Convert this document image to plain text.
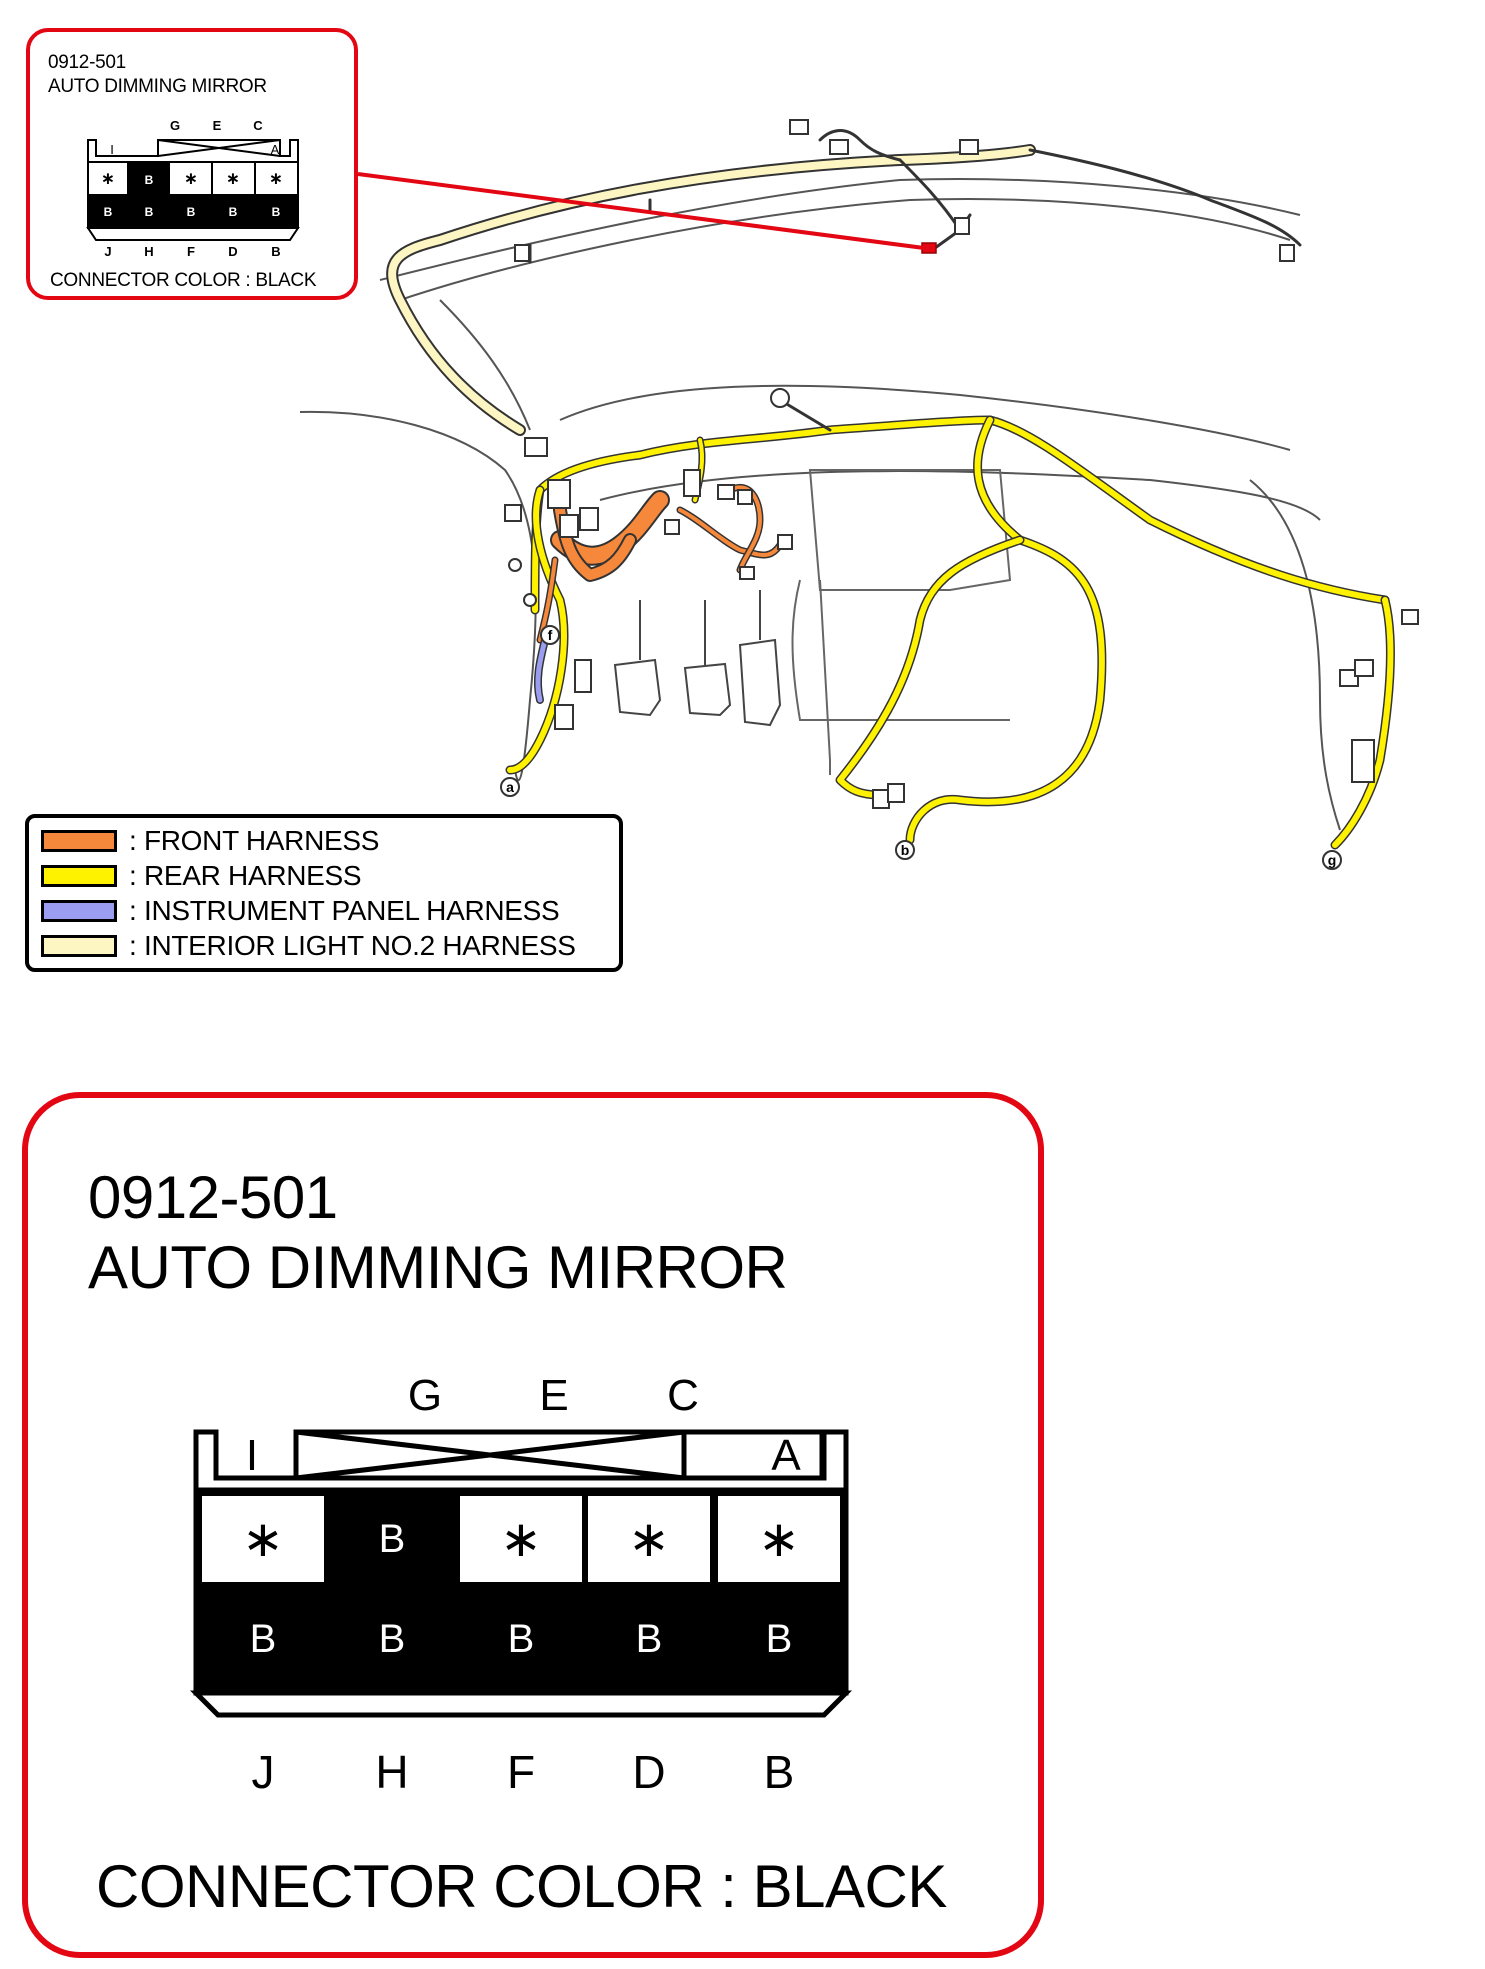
a
b
f
g
0912-501
AUTO DIMMING MIRROR
G	E C
I	A
∗ B ∗ ∗ ∗
B	B	B	B	B
J	H	F	D	B
CONNECTOR COLOR : BLACK
: FRONT HARNESS
: REAR HARNESS
: INSTRUMENT PANEL HARNESS
: INTERIOR LIGHT NO.2 HARNESS
0912-501
AUTO DIMMING MIRROR
G E C
I	A
∗ B ∗ ∗ ∗
B	B	B	B	B
J H F D B
CONNECTOR COLOR : BLACK
